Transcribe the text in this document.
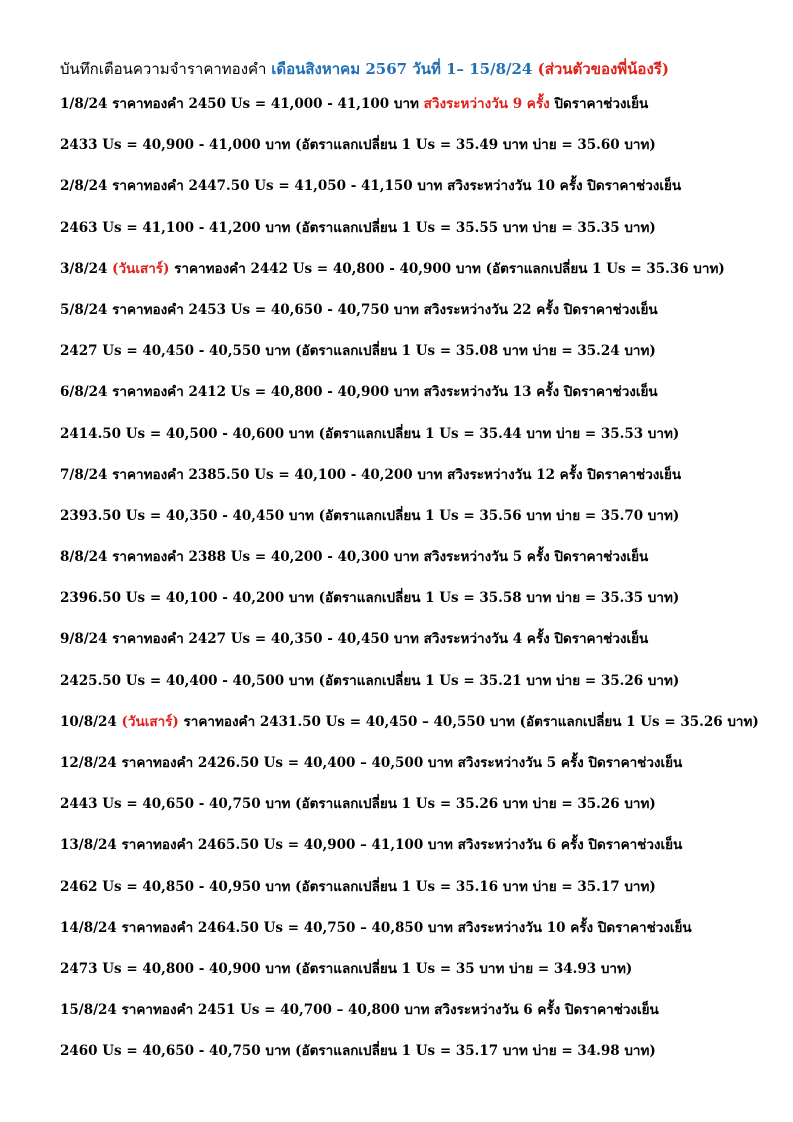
บันทึกเตือนความจำราคาทองคำ เดือนสิงหาคม 2567 วันที่ 1– 15/8/24 (ส่วนตัวของพี่น้องรี)
1/8/24 ราคาทองคำ 2450 Us = 41,000 - 41,100 บาท สวิงระหว่างวัน 9 ครั้ง ปิดราคาช่วงเย็น
2433 Us = 40,900 - 41,000 บาท (อัตราแลกเปลี่ยน 1 Us = 35.49 บาท บ่าย = 35.60 บาท)
2/8/24 ราคาทองคำ 2447.50 Us = 41,050 - 41,150 บาท สวิงระหว่างวัน 10 ครั้ง ปิดราคาช่วงเย็น
2463 Us = 41,100 - 41,200 บาท (อัตราแลกเปลี่ยน 1 Us = 35.55 บาท บ่าย = 35.35 บาท)
3/8/24 (วันเสาร์) ราคาทองคำ 2442 Us = 40,800 - 40,900 บาท (อัตราแลกเปลี่ยน 1 Us = 35.36 บาท)
5/8/24 ราคาทองคำ 2453 Us = 40,650 - 40,750 บาท สวิงระหว่างวัน 22 ครั้ง ปิดราคาช่วงเย็น
2427 Us = 40,450 - 40,550 บาท (อัตราแลกเปลี่ยน 1 Us = 35.08 บาท บ่าย = 35.24 บาท)
6/8/24 ราคาทองคำ 2412 Us = 40,800 - 40,900 บาท สวิงระหว่างวัน 13 ครั้ง ปิดราคาช่วงเย็น
2414.50 Us = 40,500 - 40,600 บาท (อัตราแลกเปลี่ยน 1 Us = 35.44 บาท บ่าย = 35.53 บาท)
7/8/24 ราคาทองคำ 2385.50 Us = 40,100 - 40,200 บาท สวิงระหว่างวัน 12 ครั้ง ปิดราคาช่วงเย็น
2393.50 Us = 40,350 - 40,450 บาท (อัตราแลกเปลี่ยน 1 Us = 35.56 บาท บ่าย = 35.70 บาท)
8/8/24 ราคาทองคำ 2388 Us = 40,200 - 40,300 บาท สวิงระหว่างวัน 5 ครั้ง ปิดราคาช่วงเย็น
2396.50 Us = 40,100 - 40,200 บาท (อัตราแลกเปลี่ยน 1 Us = 35.58 บาท บ่าย = 35.35 บาท)
9/8/24 ราคาทองคำ 2427 Us = 40,350 - 40,450 บาท สวิงระหว่างวัน 4 ครั้ง ปิดราคาช่วงเย็น
2425.50 Us = 40,400 - 40,500 บาท (อัตราแลกเปลี่ยน 1 Us = 35.21 บาท บ่าย = 35.26 บาท)
10/8/24 (วันเสาร์) ราคาทองคำ 2431.50 Us = 40,450 – 40,550 บาท (อัตราแลกเปลี่ยน 1 Us = 35.26 บาท)
12/8/24 ราคาทองคำ 2426.50 Us = 40,400 – 40,500 บาท สวิงระหว่างวัน 5 ครั้ง ปิดราคาช่วงเย็น
2443 Us = 40,650 - 40,750 บาท (อัตราแลกเปลี่ยน 1 Us = 35.26 บาท บ่าย = 35.26 บาท)
13/8/24 ราคาทองคำ 2465.50 Us = 40,900 – 41,100 บาท สวิงระหว่างวัน 6 ครั้ง ปิดราคาช่วงเย็น
2462 Us = 40,850 - 40,950 บาท (อัตราแลกเปลี่ยน 1 Us = 35.16 บาท บ่าย = 35.17 บาท)
14/8/24 ราคาทองคำ 2464.50 Us = 40,750 – 40,850 บาท สวิงระหว่างวัน 10 ครั้ง ปิดราคาช่วงเย็น
2473 Us = 40,800 - 40,900 บาท (อัตราแลกเปลี่ยน 1 Us = 35 บาท บ่าย = 34.93 บาท)
15/8/24 ราคาทองคำ 2451 Us = 40,700 – 40,800 บาท สวิงระหว่างวัน 6 ครั้ง ปิดราคาช่วงเย็น
2460 Us = 40,650 - 40,750 บาท (อัตราแลกเปลี่ยน 1 Us = 35.17 บาท บ่าย = 34.98 บาท)
